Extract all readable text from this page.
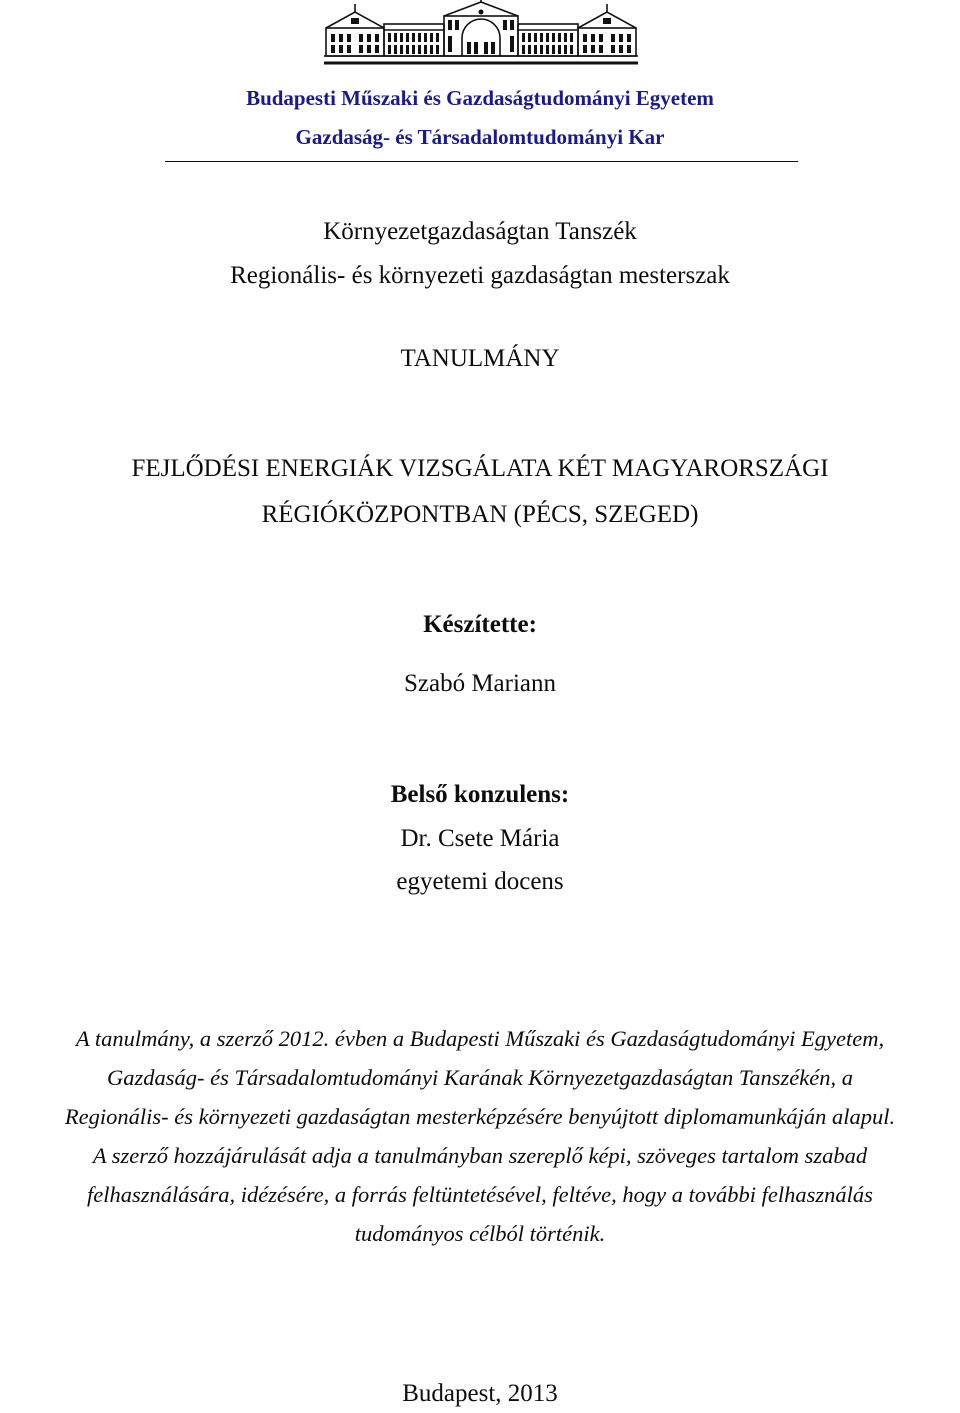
Budapesti Műszaki és Gazdaságtudományi Egyetem
Gazdaság- és Társadalomtudományi Kar
Környezetgazdaságtan Tanszék
Regionális- és környezeti gazdaságtan mesterszak
TANULMÁNY
FEJLŐDÉSI ENERGIÁK VIZSGÁLATA KÉT MAGYARORSZÁGI
RÉGIÓKÖZPONTBAN (PÉCS, SZEGED)
Készítette:
Szabó Mariann
Belső konzulens:
Dr. Csete Mária
egyetemi docens
A tanulmány, a szerző 2012. évben a Budapesti Műszaki és Gazdaságtudományi Egyetem,
Gazdaság- és Társadalomtudományi Karának Környezetgazdaságtan Tanszékén, a
Regionális- és környezeti gazdaságtan mesterképzésére benyújtott diplomamunkáján alapul.
A szerző hozzájárulását adja a tanulmányban szereplő képi, szöveges tartalom szabad
felhasználására, idézésére, a forrás feltüntetésével, feltéve, hogy a további felhasználás
tudományos célból történik.
Budapest, 2013
